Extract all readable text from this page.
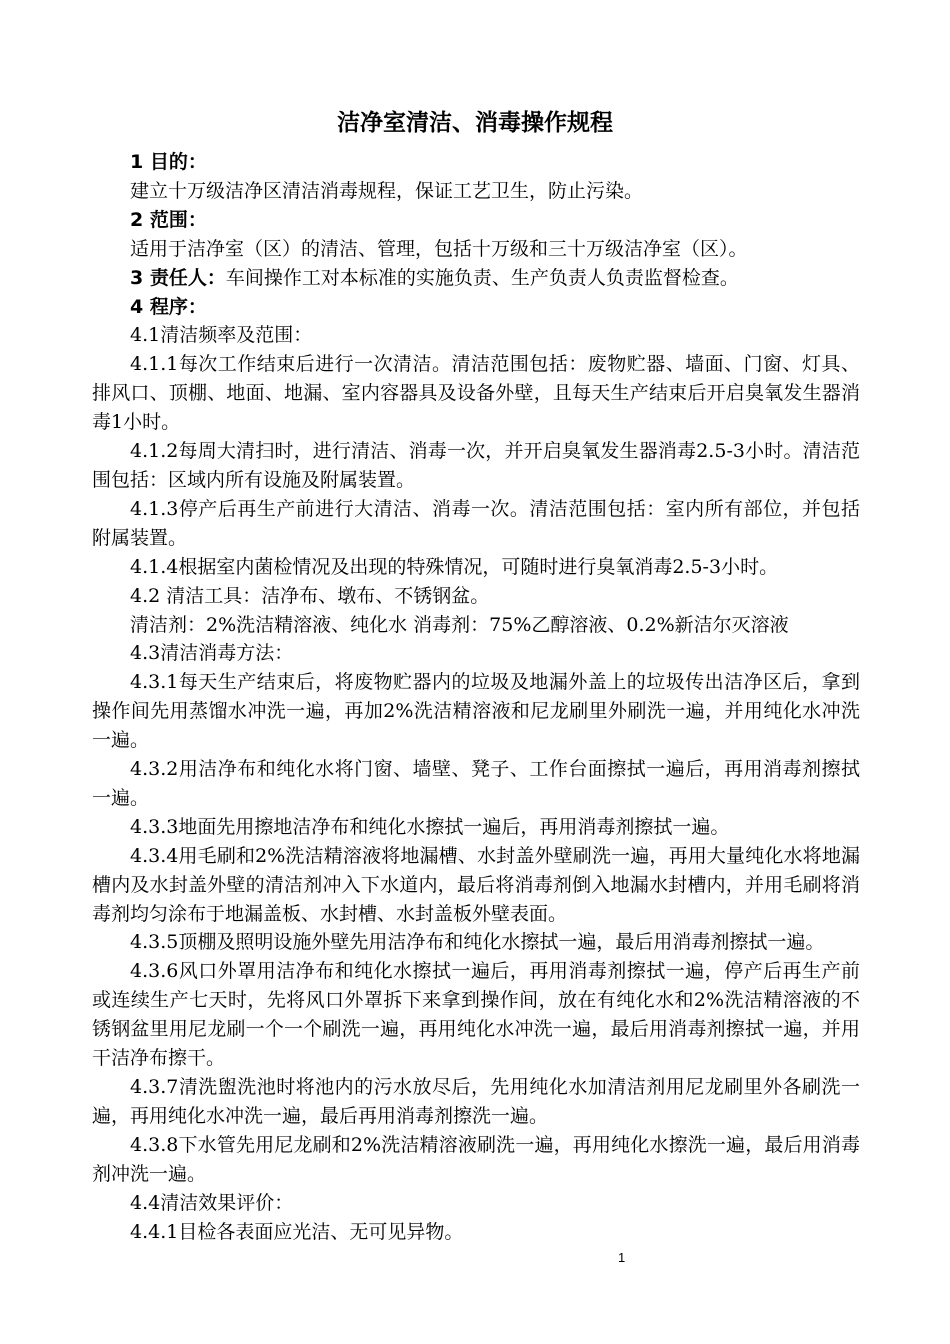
洁净室清洁、消毒操作规程

1 目的：

建立十万级洁净区清洁消毒规程，保证工艺卫生，防止污染。

2 范围：

适用于洁净室（区）的清洁、管理，包括十万级和三十万级洁净室（区）。

3 责任人：车间操作工对本标准的实施负责、生产负责人负责监督检查。

4 程序：

4.1清洁频率及范围：

4.1.1每次工作结束后进行一次清洁。清洁范围包括：废物贮器、墙面、门窗、灯具、排风口、顶棚、地面、地漏、室内容器具及设备外壁，且每天生产结束后开启臭氧发生器消毒1小时。

4.1.2每周大清扫时，进行清洁、消毒一次，并开启臭氧发生器消毒2.5-3小时。清洁范围包括：区域内所有设施及附属装置。

4.1.3停产后再生产前进行大清洁、消毒一次。清洁范围包括：室内所有部位，并包括附属装置。

4.1.4根据室内菌检情况及出现的特殊情况，可随时进行臭氧消毒2.5-3小时。

4.2 清洁工具：洁净布、墩布、不锈钢盆。

清洁剂：2%洗洁精溶液、纯化水 消毒剂：75%乙醇溶液、0.2%新洁尔灭溶液

4.3清洁消毒方法：

4.3.1每天生产结束后，将废物贮器内的垃圾及地漏外盖上的垃圾传出洁净区后，拿到操作间先用蒸馏水冲洗一遍，再加2%洗洁精溶液和尼龙刷里外刷洗一遍，并用纯化水冲洗一遍。

4.3.2用洁净布和纯化水将门窗、墙壁、凳子、工作台面擦拭一遍后，再用消毒剂擦拭一遍。

4.3.3地面先用擦地洁净布和纯化水擦拭一遍后，再用消毒剂擦拭一遍。

4.3.4用毛刷和2%洗洁精溶液将地漏槽、水封盖外壁刷洗一遍，再用大量纯化水将地漏槽内及水封盖外壁的清洁剂冲入下水道内，最后将消毒剂倒入地漏水封槽内，并用毛刷将消毒剂均匀涂布于地漏盖板、水封槽、水封盖板外壁表面。

4.3.5顶棚及照明设施外壁先用洁净布和纯化水擦拭一遍，最后用消毒剂擦拭一遍。

4.3.6风口外罩用洁净布和纯化水擦拭一遍后，再用消毒剂擦拭一遍，停产后再生产前或连续生产七天时，先将风口外罩拆下来拿到操作间，放在有纯化水和2%洗洁精溶液的不锈钢盆里用尼龙刷一个一个刷洗一遍，再用纯化水冲洗一遍，最后用消毒剂擦拭一遍，并用干洁净布擦干。

4.3.7清洗盥洗池时将池内的污水放尽后，先用纯化水加清洁剂用尼龙刷里外各刷洗一遍，再用纯化水冲洗一遍，最后再用消毒剂擦洗一遍。

4.3.8下水管先用尼龙刷和2%洗洁精溶液刷洗一遍，再用纯化水擦洗一遍，最后用消毒剂冲洗一遍。

4.4清洁效果评价：

4.4.1目检各表面应光洁、无可见异物。

1
